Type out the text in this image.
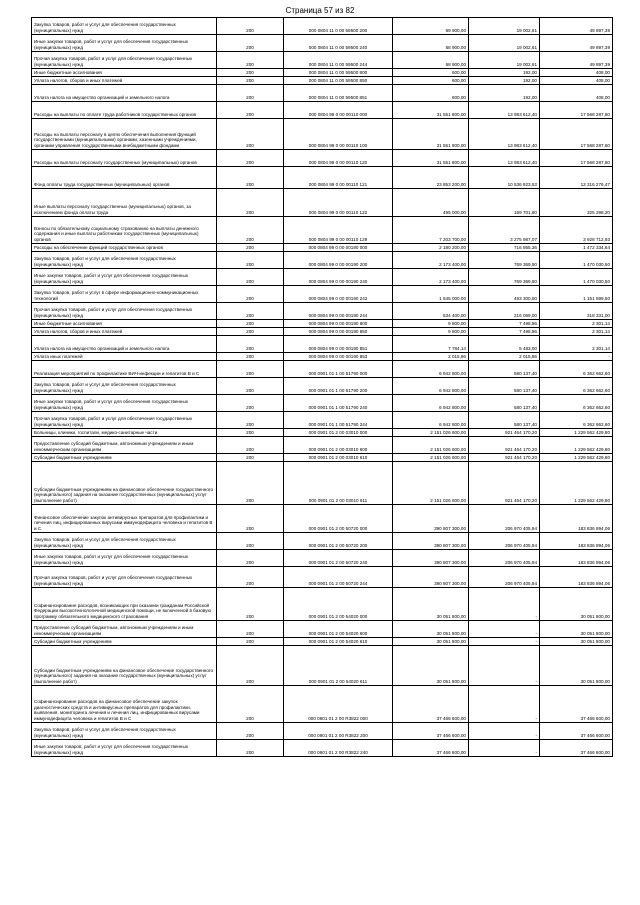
Страница 57 из 82
Закупка товаров, работ и услуг для обеспечения государственных (муниципальных) нужд	200	000 0804 11 0 00 59500 200	69 900,00	19 002,61	49 897,39
Иные закупки товаров, работ и услуг для обеспечения государственных (муниципальных) нужд	200	000 0804 11 0 00 59500 240	68 900,00	19 002,61	49 897,39
Прочая закупка товаров, работ и услуг для обеспечения государственных (муниципальных) нужд	200	000 0804 11 0 00 59500 244	68 900,00	19 002,61	49 897,39
Иные бюджетные ассигнования	200	000 0804 11 0 00 59500 800	600,00	192,00	408,00
Уплата налогов, сборов и иных платежей	200	000 0804 11 0 00 59500 850	600,00	192,00	408,00
Уплата налога на имущество организаций и земельного налога	200	000 0804 11 0 00 59500 851	600,00	192,00	408,00
Расходы на выплаты по оплате труда работников государственных органов	200	000 0804 99 0 00 00110 000	31 551 900,00	13 983 612,40	17 568 287,60
Расходы на выплаты персоналу в целях обеспечения выполнения функций государственными (муниципальными) органами, казенными учреждениями, органами управления государственными внебюджетными фондами	200	000 0804 99 0 00 00110 100	31 551 900,00	13 983 612,40	17 568 287,60
Расходы на выплаты персоналу государственных (муниципальных) органов	200	000 0804 99 0 00 00110 120	31 551 900,00	13 983 612,40	17 568 287,60
Фонд оплаты труда государственных (муниципальных) органов	200	000 0804 99 0 00 00110 121	23 853 200,00	10 536 923,53	13 316 276,47
Иные выплаты персоналу государственных (муниципальных) органов, за исключением фонда оплаты труда	200	000 0804 99 0 00 00110 122	495 000,00	169 701,80	325 298,20
Взносы по обязательному социальному страхованию на выплаты денежного содержания и иные выплаты работникам государственных (муниципальных) органов	200	000 0804 99 0 00 00110 129	7 203 700,00	3 275 987,07	3 928 712,93
Расходы на обеспечение функций государственных органов	200	000 0804 99 0 00 00190 000	2 180 200,00	716 865,36	1 472 334,64
Закупка товаров, работ и услуг для обеспечения государственных (муниципальных) нужд	200	000 0804 99 0 00 00190 200	2 173 400,00	769 369,50	1 470 030,50
Иные закупки товаров, работ и услуг для обеспечения государственных (муниципальных) нужд	200	000 0804 99 0 00 00190 240	2 173 400,00	769 369,50	1 470 030,50
Закупка товаров, работ и услуг в сфере информационно-коммуникационных технологий	200	000 0804 99 0 00 00190 242	1 645 000,00	493 300,50	1 151 699,50
Прочая закупка товаров, работ и услуг для обеспечения государственных (муниципальных) нужд	200	000 0804 99 0 00 00190 244	534 400,00	216 069,00	318 331,00
Иные бюджетные ассигнования	200	000 0804 99 0 00 00190 800	9 800,00	7 498,86	2 301,14
Уплата налогов, сборов и иных платежей	200	000 0804 99 0 00 00190 850	9 800,00	7 498,86	2 301,14
Уплата налога на имущество организаций и земельного налога	200	000 0804 99 0 00 00190 851	7 784,14	5 483,00	2 301,14
Уплата иных платежей	200	000 0804 99 0 00 00190 853	2 015,86	2 015,86	-
Реализация мероприятий по профилактике ВИЧ-инфекции и гепатитов В и С	200	000 0901 01 1 00 51790 000	6 942 800,00	580 137,40	6 362 662,60
Закупка товаров, работ и услуг для обеспечения государственных (муниципальных) нужд	200	000 0901 01 1 00 51790 200	6 942 800,00	580 137,40	6 362 662,60
Иные закупки товаров, работ и услуг для обеспечения государственных (муниципальных) нужд	200	000 0901 01 1 00 51790 240	6 942 800,00	580 137,40	6 362 662,60
Прочая закупка товаров, работ и услуг для обеспечения государственных (муниципальных) нужд	200	000 0901 01 1 00 51790 244	6 942 800,00	580 137,40	6 362 662,60
Больницы, клиники, госпитали, медико-санитарные части	200	000 0901 01 2 00 03010 000	2 151 026 600,00	921 464 170,20	1 229 562 429,80
Предоставление субсидий бюджетным, автономным учреждениям и иным некоммерческим организациям	200	000 0901 01 2 00 03010 600	2 151 026 600,00	921 464 170,20	1 229 562 429,80
Субсидии бюджетным учреждениям	200	000 0901 01 2 00 03010 610	2 151 026 600,00	921 464 170,20	1 229 562 429,80
Субсидии бюджетным учреждениям на финансовое обеспечение государственного (муниципального) задания на оказание государственных (муниципальных) услуг (выполнение работ)	200	000 0901 01 2 00 03010 611	2 151 026 600,00	921 464 170,20	1 229 562 429,80
Финансовое обеспечение закупок антивирусных препаратов для профилактики и лечения лиц, инфицированных вирусами иммунодефицита человека и гепатитов В и С	200	000 0901 01 2 00 50720 000	390 807 300,00	206 970 405,94	183 836 894,06
Закупка товаров, работ и услуг для обеспечения государственных (муниципальных) нужд	200	000 0901 01 2 00 50720 200	390 807 300,00	206 970 405,94	183 836 894,06
Иные закупки товаров, работ и услуг для обеспечения государственных (муниципальных) нужд	200	000 0901 01 2 00 50720 240	390 807 300,00	206 970 405,94	183 836 894,06
Прочая закупка товаров, работ и услуг для обеспечения государственных (муниципальных) нужд	200	000 0901 01 2 00 50720 244	390 807 300,00	206 970 405,94	183 836 894,06
Софинансирование расходов, возникающих при оказании гражданам Российской Федерации высокотехнологичной медицинской помощи, не включенной в базовую программу обязательного медицинского страхования	200	000 0901 01 2 00 54020 000	30 051 800,00	-	30 051 800,00
Предоставление субсидий бюджетным, автономным учреждениям и иным некоммерческим организациям	200	000 0901 01 2 00 54020 600	30 051 800,00	-	30 051 800,00
Субсидии бюджетным учреждениям	200	000 0901 01 2 00 54020 610	30 051 800,00	-	30 051 800,00
Субсидии бюджетным учреждениям на финансовое обеспечение государственного (муниципального) задания на оказание государственных (муниципальных) услуг (выполнение работ)	200	000 0901 01 2 00 54020 611	30 051 800,00	-	30 051 800,00
Софинансирование расходов на финансовое обеспечение закупок диагностических средств и антивирусных препаратов для профилактики, выявления, мониторинга лечения и лечения лиц, инфицированных вирусами иммунодефицита человека и гепатитов В и С	200	000 0901 01 2 00 R3822 000	37 466 600,00	-	37 466 600,00
Закупка товаров, работ и услуг для обеспечения государственных (муниципальных) нужд	200	000 0901 01 2 00 R3822 200	37 466 600,00	-	37 466 600,00
Иные закупки товаров, работ и услуг для обеспечения государственных (муниципальных) нужд	200	000 0901 01 2 00 R3822 240	37 466 600,00	-	37 466 600,00
